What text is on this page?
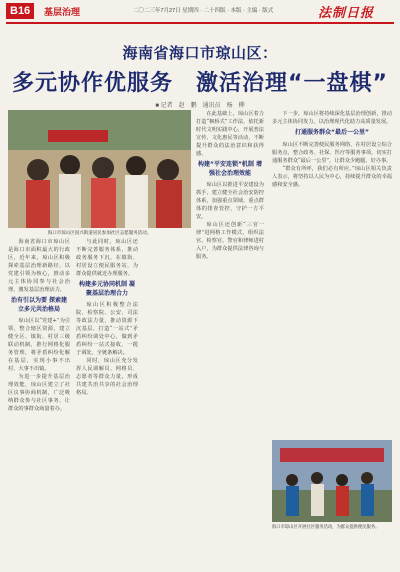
B16	基层治理	二〇二三年7月27日 星期四 · 二十四版 · 本版 · 主编 · 版式	法制日报
海南省海口市琼山区：
多元协作优服务　激活治理“一盘棋”
■ 记者　赵　鹏　通讯员　杨　柳
海口市琼山区国兴街道居民参加社区志愿服务活动。

海南省海口市琼山区是海口市面积最大的行政区，近年来，琼山区积极探索基层治理新路径，以党建引领为核心，推动多元主体协同参与社会治理，激发基层治理活力。

治有引以为要 探索建立多元共治格局

琼山区以“党建+”为引领，整合辖区资源，建立健全区、镇街、村居三级联动机制，推行网格化服务管理，将矛盾纠纷化解在基层，实现小事不出村、大事不出镇。

为进一步提升基层治理效能，琼山区建立了社区议事协商机制，广泛吸纳群众参与社区事务，让群众的事群众商量着办。

与此同时，琼山区还不断完善服务体系，推动政务服务下沉，在镇街、村居设立便民服务站，为群众提供就近办理服务。

构建多元协同机制 凝聚基层治理合力

琼山区积极整合法院、检察院、公安、司法等政法力量，推动资源下沉基层，打造“一站式”矛盾纠纷调处中心，做到矛盾纠纷一站式接收、一揽子调处、全链条解决。

同时，琼山区充分发挥人民调解员、网格员、志愿者等群众力量，形成共建共治共享的社会治理格局。

在此基础上，琼山区着力打造“枫桥式”工作法，依托新时代文明实践中心，开展普法宣传、文化惠民等活动，不断提升群众的法治意识和获得感。

构建“平安连锁”机制 增强社会治理效能

琼山区以推进平安建设为抓手，建立健全社会治安防控体系，加强重点领域、重点群体的排查管控，守护一方平安。

琼山区还创新“三官一律”进网格工作模式，组织法官、检察官、警官和律师进村入户，为群众提供法律咨询与服务。

下一步，琼山区将持续深化基层治理创新，推动多元主体协同发力，以治理现代化助力高质量发展。

打通服务群众“最后一公里”

琼山区不断完善便民服务网络，在村居设立综合服务点，整合政务、社保、医疗等服务事项，切实打通服务群众“最后一公里”，让群众少跑腿、好办事。

“群众有所呼，我们必有所应。”琼山区相关负责人表示，将坚持以人民为中心，持续提升群众的幸福感和安全感。

海口市琼山区开展社区服务活动，为群众提供便民服务。
